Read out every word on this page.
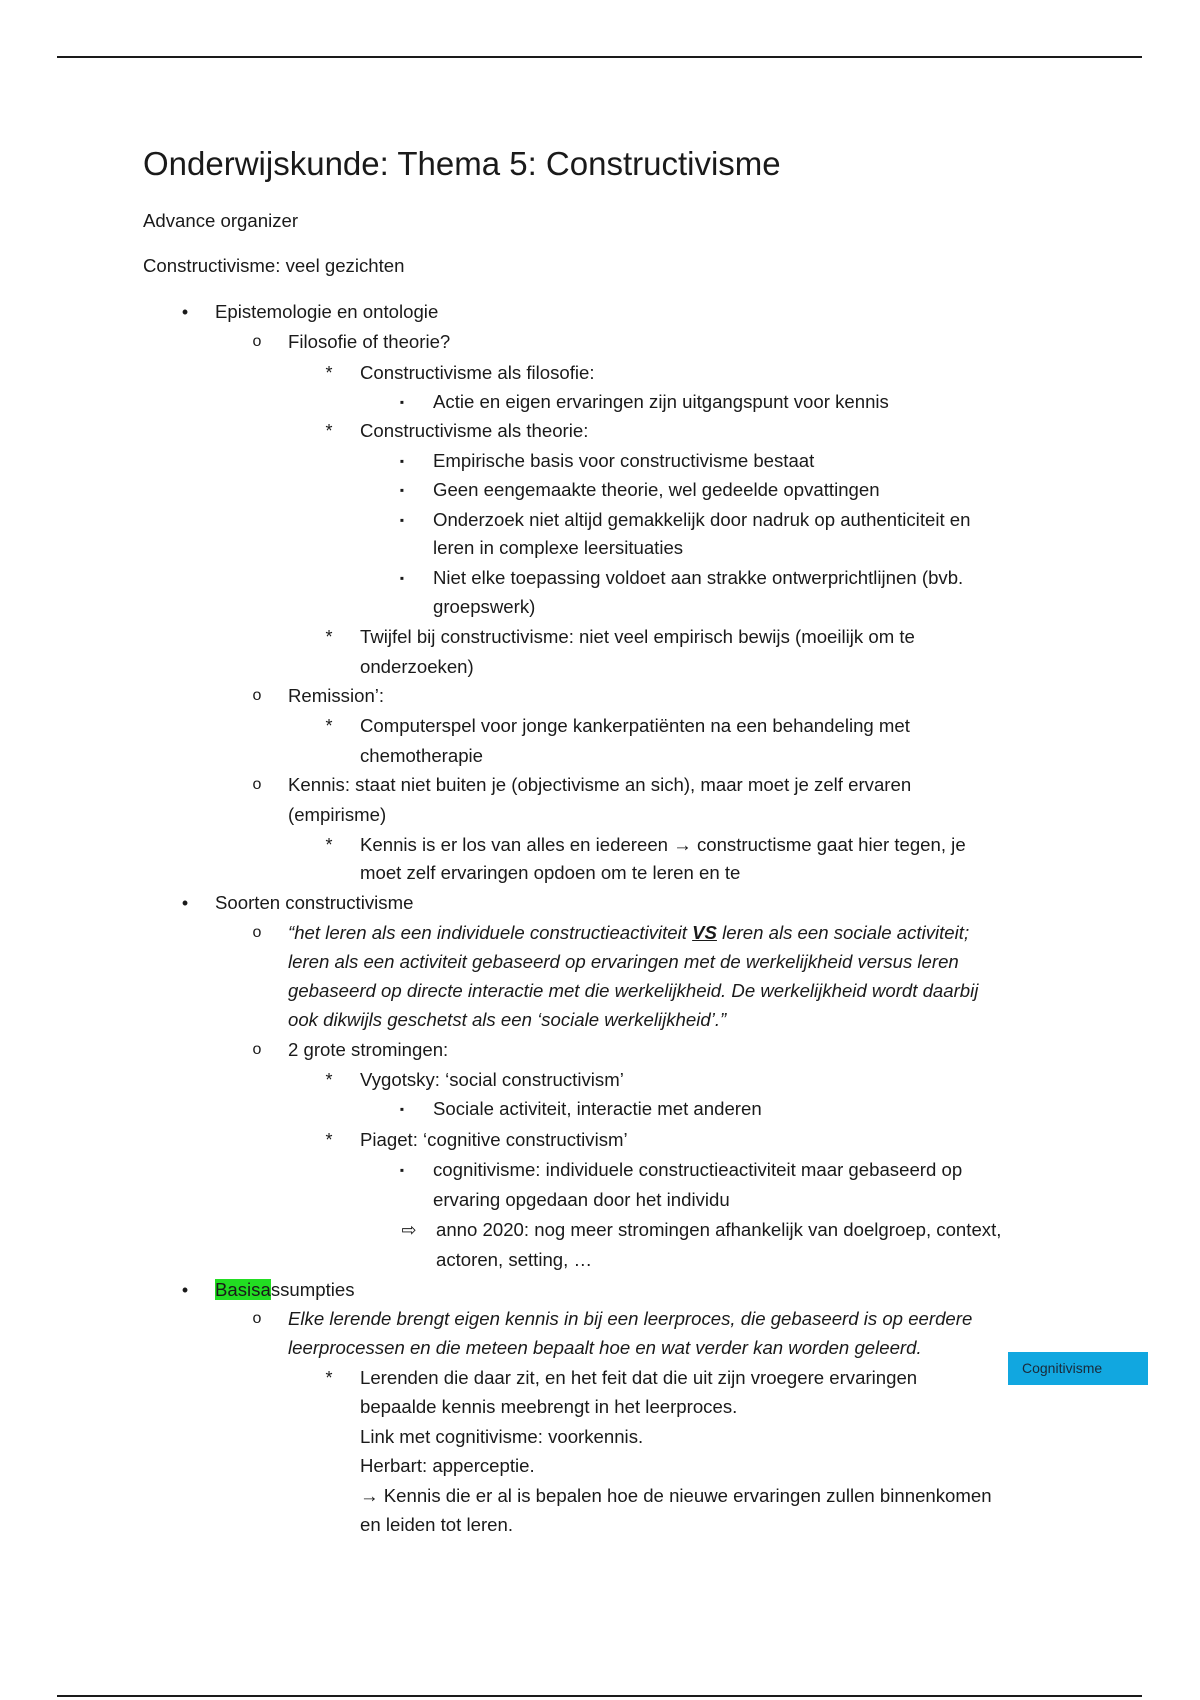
Onderwijskunde: Thema 5: Constructivisme
Advance organizer
Constructivisme: veel gezichten
•	Epistemologie en ontologie
o Filosofie of theorie?
*	Constructivisme als filosofie:
▪	Actie en eigen ervaringen zijn uitgangspunt voor kennis
*	Constructivisme als theorie:
▪	Empirische basis voor constructivisme bestaat
▪	Geen eengemaakte theorie, wel gedeelde opvattingen
▪	Onderzoek niet altijd gemakkelijk door nadruk op authenticiteit en
leren in complexe leersituaties
▪	Niet elke toepassing voldoet aan strakke ontwerprichtlijnen (bvb.
groepswerk)
*	Twijfel bij constructivisme: niet veel empirisch bewijs (moeilijk om te
onderzoeken)
o Remission’:
*	Computerspel voor jonge kankerpatiënten na een behandeling met
chemotherapie
o Kennis: staat niet buiten je (objectivisme an sich), maar moet je zelf ervaren
(empirisme)
*	Kennis is er los van alles en iedereen → constructisme gaat hier tegen, je
moet zelf ervaringen opdoen om te leren en te
•	Soorten constructivisme
o “het leren als een individuele constructieactiviteit VS leren als een sociale activiteit;
leren als een activiteit gebaseerd op ervaringen met de werkelijkheid versus leren
gebaseerd op directe interactie met die werkelijkheid. De werkelijkheid wordt daarbij
ook dikwijls geschetst als een ‘sociale werkelijkheid’.”
o 2 grote stromingen:
*	Vygotsky: ‘social constructivism’
▪	Sociale activiteit, interactie met anderen
*	Piaget: ‘cognitive constructivism’
▪	cognitivisme: individuele constructieactiviteit maar gebaseerd op
ervaring opgedaan door het individu
⇨ anno 2020: nog meer stromingen afhankelijk van doelgroep, context,
actoren, setting, …
•	Basisassumpties
o Elke lerende brengt eigen kennis in bij een leerproces, die gebaseerd is op eerdere
leerprocessen en die meteen bepaalt hoe en wat verder kan worden geleerd.
*	Lerenden die daar zit, en het feit dat die uit zijn vroegere ervaringen
bepaalde kennis meebrengt in het leerproces.
Link met cognitivisme: voorkennis.
Herbart: apperceptie.
→ Kennis die er al is bepalen hoe de nieuwe ervaringen zullen binnenkomen
en leiden tot leren.
Cognitivisme
